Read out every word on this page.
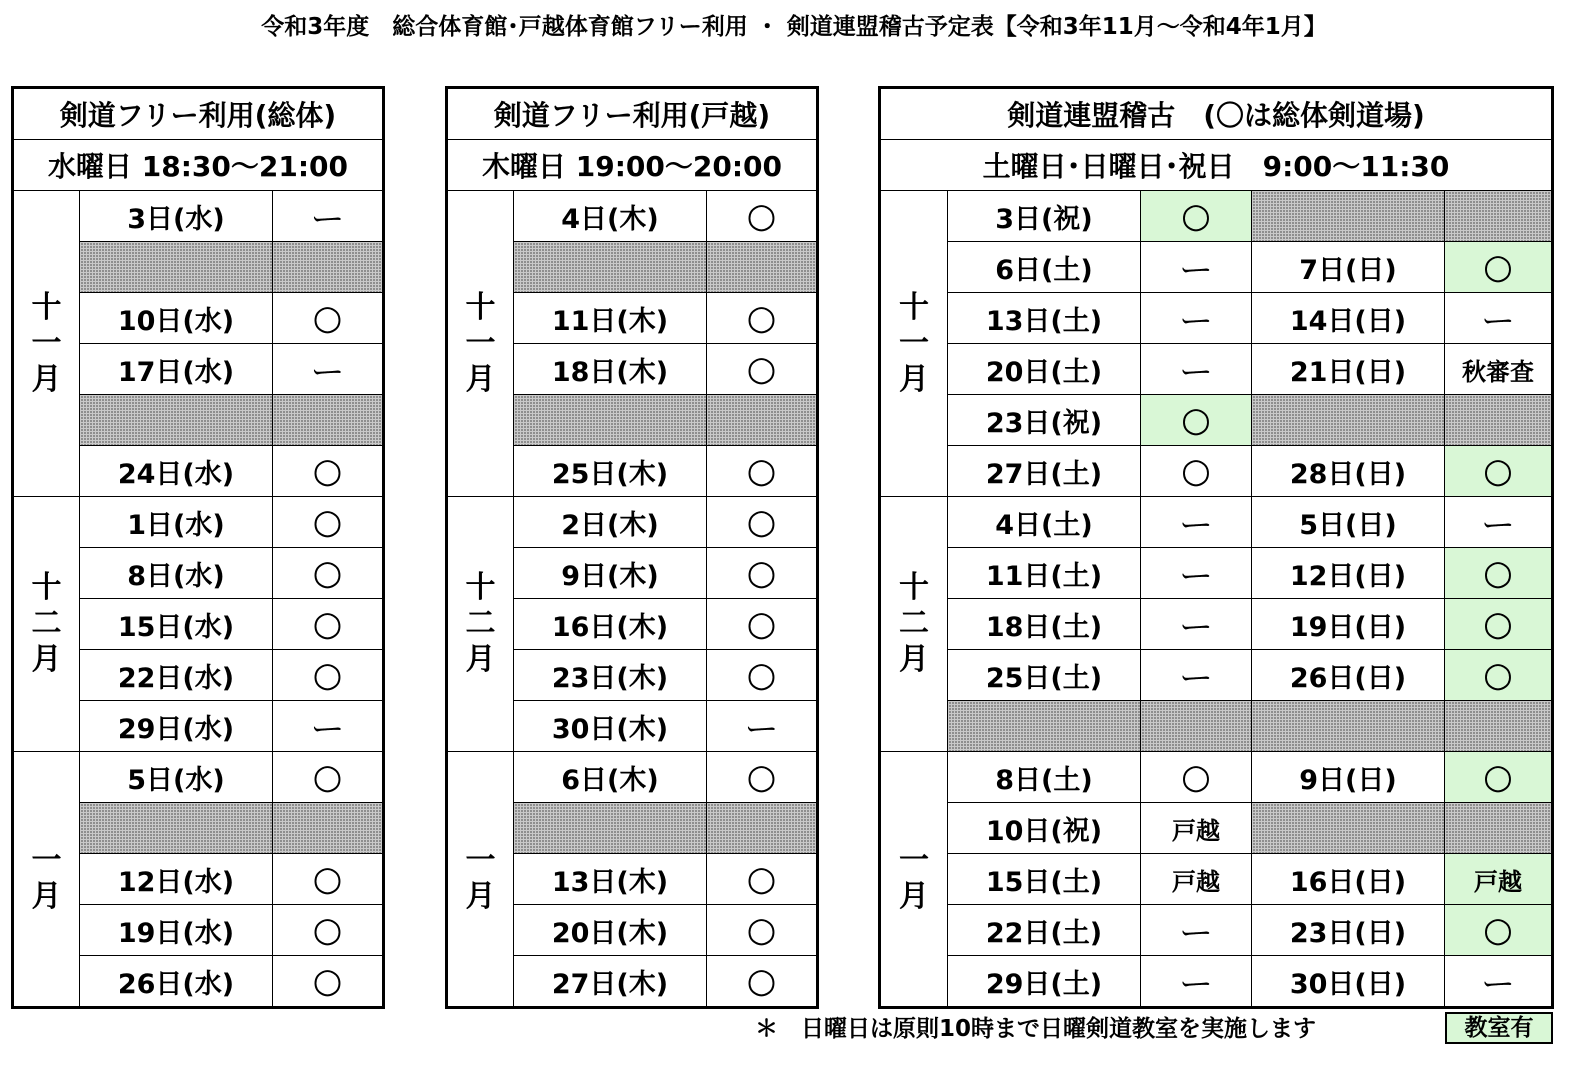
令和3年度　総合体育館･戸越体育館フリー利用 ・ 剣道連盟稽古予定表【令和3年11月～令和4年1月】
剣道フリー利用(総体)		
水曜日 18:30～21:00		

十
一
月	3日(水)	ー

	10日(水)	○
	17日(水)	ー

	24日(水)	○

十
二
月	1日(水)	○
	8日(水)	○
	15日(水)	○
	22日(水)	○
	29日(水)	ー

一
月	5日(水)	○

	12日(水)	○
	19日(水)	○
	26日(水)	○
剣道フリー利用(戸越)		
木曜日 19:00～20:00		

十
一
月	4日(木)	○

	11日(木)	○
	18日(木)	○

	25日(木)	○

十
二
月	2日(木)	○
	9日(木)	○
	16日(木)	○
	23日(木)	○
	30日(木)	ー

一
月	6日(木)	○

	13日(木)	○
	20日(木)	○
	27日(木)	○
剣道連盟稽古　(〇は総体剣道場)				
土曜日･日曜日･祝日　9:00～11:30				

十
一
月	3日(祝)	○		
	6日(土)	ー	7日(日)	○
	13日(土)	ー	14日(日)	ー
	20日(土)	ー	21日(日)	秋審査
	23日(祝)	○		
	27日(土)	○	28日(日)	○

十
二
月	4日(土)	ー	5日(日)	ー
	11日(土)	ー	12日(日)	○
	18日(土)	ー	19日(日)	○
	25日(土)	ー	26日(日)	○

一
月	8日(土)	○	9日(日)	○
	10日(祝)	戸越		
	15日(土)	戸越	16日(日)	戸越
	22日(土)	ー	23日(日)	○
	29日(土)	ー	30日(日)	ー
＊　日曜日は原則10時まで日曜剣道教室を実施します	教室有
